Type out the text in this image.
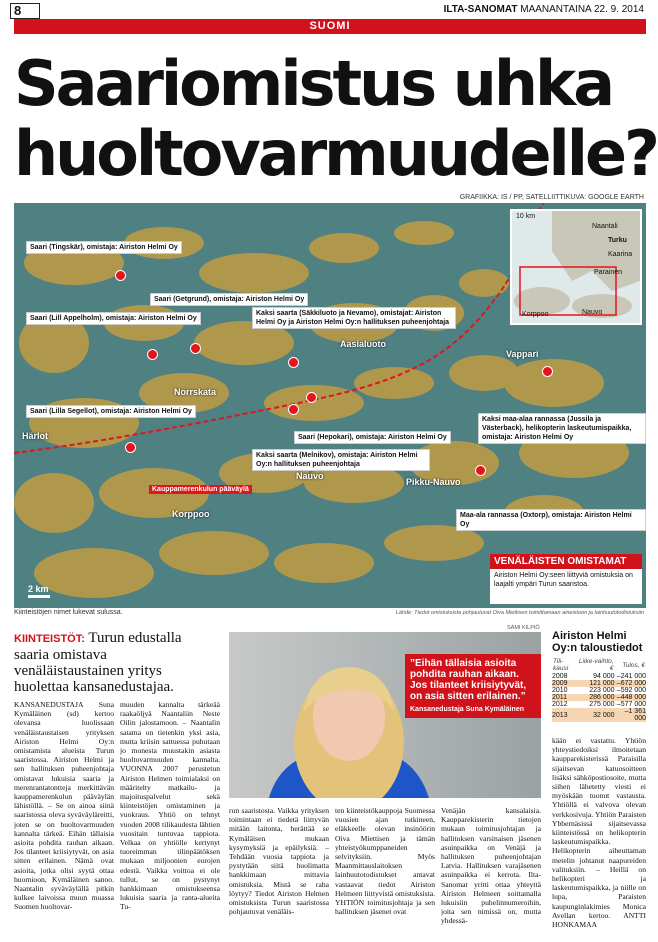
8	ILTA-SANOMAT MAANANTAINA 22. 9. 2014
SUOMI
Saariomistus uhka
huoltovarmuudelle?
GRAFIIKKA: IS / PP, SATELLIITTIKUVA: GOOGLE EARTH
Saari (Tingskär), omistaja: Airiston Helmi Oy
Saari (Getgrund), omistaja: Airiston Helmi Oy
Saari (Lill Appelholm), omistaja: Airiston Helmi Oy
Kaksi saarta (Säkkiluoto ja Nevamo), omistajat: Airiston Helmi Oy ja Airiston Helmi Oy:n hallituksen puheenjohtaja
Saari (Lilla Segellot), omistaja: Airiston Helmi Oy
Saari (Hepokari), omistaja: Airiston Helmi Oy
Kaksi saarta (Melnikov), omistaja: Airiston Helmi Oy:n hallituksen puheenjohtaja
Kaksi maa-alaa rannassa (Jussila ja Västerback), helikopterin laskeutumispaikka, omistaja: Airiston Helmi Oy
Maa-ala rannassa (Oxtorp), omistaja: Airiston Helmi Oy
Aasialuoto
Vappari
Norrskata
Härlot
Nauvo
Pikku-Nauvo
Korppoo
Kauppamerenkulun pääväylä
10 km
Naantali
Turku
Kaarina
Parainen
Korppoo	Nauvo
VENÄLÄISTEN OMISTAMAT
Airiston Helmi Oy:seen liittyviä omistuksia on laajalti ympäri Turun saaristoa.
2 km
Kiinteistöjen nimet lukevat sulussa.	Lähde: Tiedot omistuksista pohjautuvat Oiva Miettisen toimittamaan aineistoon ja lainhuutotodistuksiin
SAMI KILPIÖ
KIINTEISTÖT: Turun edustalla saaria omistava venäläistaustainen yritys huolettaa kansanedustajaa.
”Eihän tällaisia asioita pohdita rauhan aikaan. Jos tilanteet kriisiytyvät, on asia sitten erilainen.”
Kansanedustaja Suna Kymäläinen
Airiston Helmi Oy:n taloustiedot
Tili-kausi	Liike-vaihto, €	Tulos, €
2008	94 000	–241 000
2009	121 000	–672 000
2010	223 000	–592 000
2011	286 000	–448 000
2012	275 000	–577 000
2013	32 000	–1 361 000

KANSANEDUSTAJA Suna Kymäläinen (sd) kertoo olevansa huolissaan venäläistaustaisen yrityksen Airiston Helmi Oy:n omistamista alueista Turun saaristossa. Airiston Helmi ja sen hallituksen puheenjohtaja omistavat lukuisia saaria ja merenrantatontteja merkittävän kauppamerenkulun pääväylän lähistöllä. – Se on ainoa siinä saaristossa oleva syväväyläreitti, joten se on huoltovarmuuden kannalta tärkeä. Eihän tällaisia asioita pohdita rauhan aikaan. Jos tilanteet kriisiytyvät, on asia sitten erilainen. Nämä ovat asioita, jotka olisi syytä ottaa huomioon, Kymäläinen sanoo. Naantalin syväväylällä pitkin kulkee laivoissa muun muassa Suomen huoltovar-

muuden kannalta tärkeää raakaöljyä Naantaliin Neste Oilin jalostamoon. – Naantalin satama on tietenkin yksi asia, mutta kriisin sattuessa puhutaan jo monesta muustakin asiasta huoltovarmuuden kannalta. VUONNA 2007 perustetun Airiston Helmen toimialaksi on määritelty matkailu- ja majoituspalvelut sekä kiinteistöjen omistaminen ja vuokraus. Yhtiö on tehnyt vuoden 2008 tilikaudesta lähtien vuositain tuntuvaa tappiota. Velkaa on yhtiölle kertynyt tuoreimman tilinpäätöksen mukaan miljoonien eurojen edestä. Vaikka voittoa ei ole tullut, se on pystynyt hankkimaan omistukseensa lukuisia saaria ja ranta-alueita Tu-

run saaristosta. Vaikka yrityksen toimintaan ei tiedetä liittyvän mitään laitonta, herättää se Kymäläisen mukaan kysymyksiä ja epäilyksiä. – Tehdään vuosia tappiota ja pystytään siitä huolimatta hankkimaan mittavia omistuksia. Mistä se raha löytyy? Tiedot Airiston Helmen omistuksista Turun saaristossa pohjautuvat venäläis-

ten kiinteistökauppoja Suomessa vuosien ajan tutkineen, eläkkeelle olevan insinöörin Oiva Miettisen ja tämän yhteistyökumppaneiden selvityksiin. Myös Maanmittauslaitoksen lainhuutotodistukset antavat vastaavat tiedot Airiston Helmeen liittyvistä omistuksista. YHTIÖN toimitusjohtaja ja sen hallituksen jäsenet ovat

Venäjän kansalaisia. Kaupparekisterin tietojen mukaan toimitusjohtajan ja hallituksen varsinaisen jäsenen asuinpaikka on Venäjä ja hallituksen puheenjohtajan Latvia. Hallituksen varajäsenen asuinpaikka ei kerrota. Ilta-Sanomat yritti ottaa yhteyttä Airiston Helmeen soittamalla lukuisiin puhelinnumeroihin, joita sen nimissä on, mutta yhdessä-

kään ei vastattu. Yhtiön yhteystiedoiksi ilmoitetaan kaupparekisterissä Paraisilla sijaitsevan katuosoitteen lisäksi sähköpostiosoite, mutta siihen lähetetty viesti ei myöskään tuonut vastausta. Yhtiöllä ei valvova olevan verkkosivuja. Yhtiön Paraisten Ybbernäsissä sijaitsevassa kiinteistössä on helikopterin laskeutumispaikka. Helikopterin aiheuttaman metelin johtanut naapureiden valituksiin. – Heillä on helikopteri ja laskeutumispaikka, ja niille on lupa, Paraisten kaupunginlakimies Monica Avellan kertoo. ANTTI HONKAMAA
